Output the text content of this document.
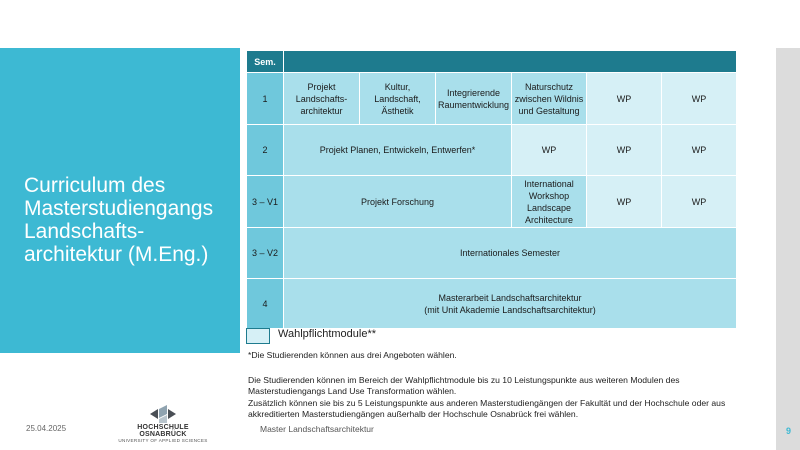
Curriculum des
Masterstudiengangs
Landschafts-
architektur (M.Eng.)
Sem.						
1	Projekt Landschafts-architektur	Kultur, Landschaft, Ästhetik	Integrierende Raumentwicklung	Naturschutz zwischen Wildnis und Gestaltung	WP	WP
2	Projekt Planen, Entwickeln, Entwerfen*			WP	WP	WP
3 – V1	Projekt Forschung			International Workshop Landscape Architecture	WP	WP
3 – V2	Internationales Semester					
4	Masterarbeit Landschaftsarchitektur
(mit Unit Akademie Landschaftsarchitektur)					
Wahlpflichtmodule**
*Die Studierenden können aus drei Angeboten wählen.
Die Studierenden können im Bereich der Wahlpflichtmodule bis zu 10 Leistungspunkte aus weiteren Modulen des Masterstudiengangs Land Use Transformation wählen.
Zusätzlich können sie bis zu 5 Leistungspunkte aus anderen Masterstudiengängen der Fakultät und der Hochschule oder aus akkreditierten Masterstudiengängen außerhalb der Hochschule Osnabrück frei wählen.
25.04.2025	HOCHSCHULE OSNABRÜCK
UNIVERSITY OF APPLIED SCIENCES
Master Landschaftsarchitektur	9
